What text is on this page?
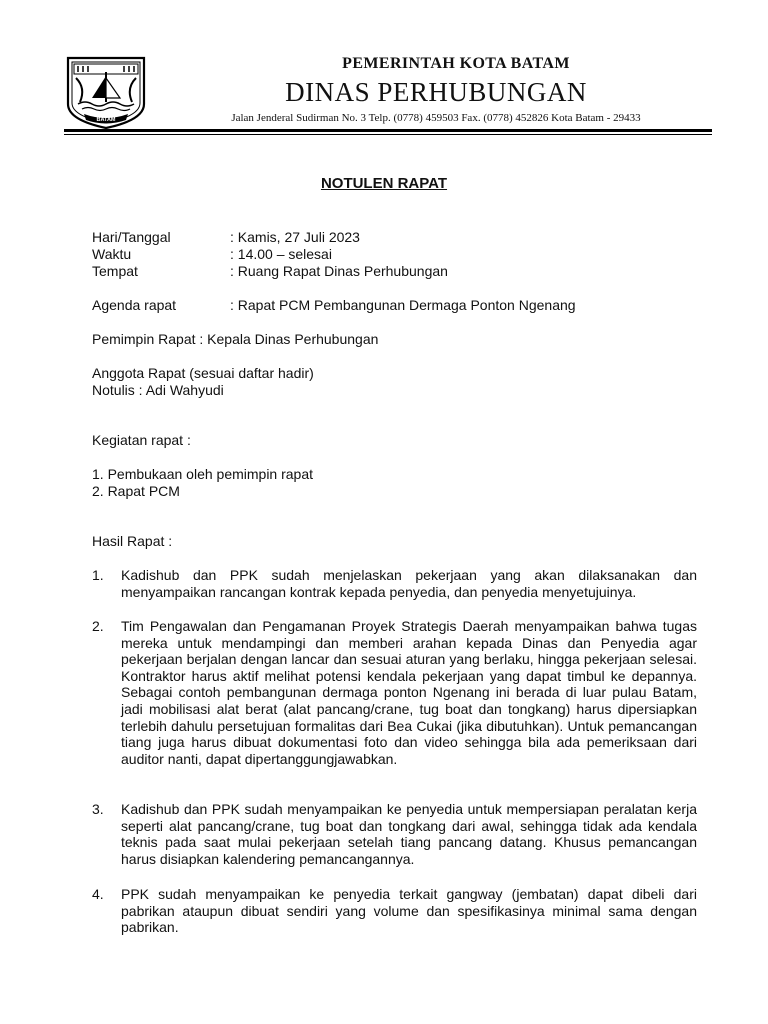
BATAM
PEMERINTAH KOTA BATAM
DINAS PERHUBUNGAN
Jalan Jenderal Sudirman No. 3 Telp. (0778) 459503 Fax. (0778) 452826 Kota Batam - 29433
NOTULEN RAPAT
Hari/Tanggal	: Kamis, 27 Juli 2023
Waktu	: 14.00 – selesai
Tempat	: Ruang Rapat Dinas Perhubungan
Agenda rapat	: Rapat PCM Pembangunan Dermaga Ponton Ngenang
Pemimpin Rapat : Kepala Dinas Perhubungan
Anggota Rapat (sesuai daftar hadir)
Notulis : Adi Wahyudi
Kegiatan rapat :
1. Pembukaan oleh pemimpin rapat
2. Rapat PCM
Hasil Rapat :
1. Kadishub dan PPK sudah menjelaskan pekerjaan yang akan dilaksanakan dan menyampaikan rancangan kontrak kepada penyedia, dan penyedia menyetujuinya.
2. Tim Pengawalan dan Pengamanan Proyek Strategis Daerah menyampaikan bahwa tugas mereka untuk mendampingi dan memberi arahan kepada Dinas dan Penyedia agar pekerjaan berjalan dengan lancar dan sesuai aturan yang berlaku, hingga pekerjaan selesai. Kontraktor harus aktif melihat potensi kendala pekerjaan yang dapat timbul ke depannya. Sebagai contoh pembangunan dermaga ponton Ngenang ini berada di luar pulau Batam, jadi mobilisasi alat berat (alat pancang/crane, tug boat dan tongkang) harus dipersiapkan terlebih dahulu persetujuan formalitas dari Bea Cukai (jika dibutuhkan). Untuk pemancangan tiang juga harus dibuat dokumentasi foto dan video sehingga bila ada pemeriksaan dari auditor nanti, dapat dipertanggungjawabkan.
3. Kadishub dan PPK sudah menyampaikan ke penyedia untuk mempersiapan peralatan kerja seperti alat pancang/crane, tug boat dan tongkang dari awal, sehingga tidak ada kendala teknis pada saat mulai pekerjaan setelah tiang pancang datang. Khusus pemancangan harus disiapkan kalendering pemancangannya.
4. PPK sudah menyampaikan ke penyedia terkait gangway (jembatan) dapat dibeli dari pabrikan ataupun dibuat sendiri yang volume dan spesifikasinya minimal sama dengan pabrikan.
